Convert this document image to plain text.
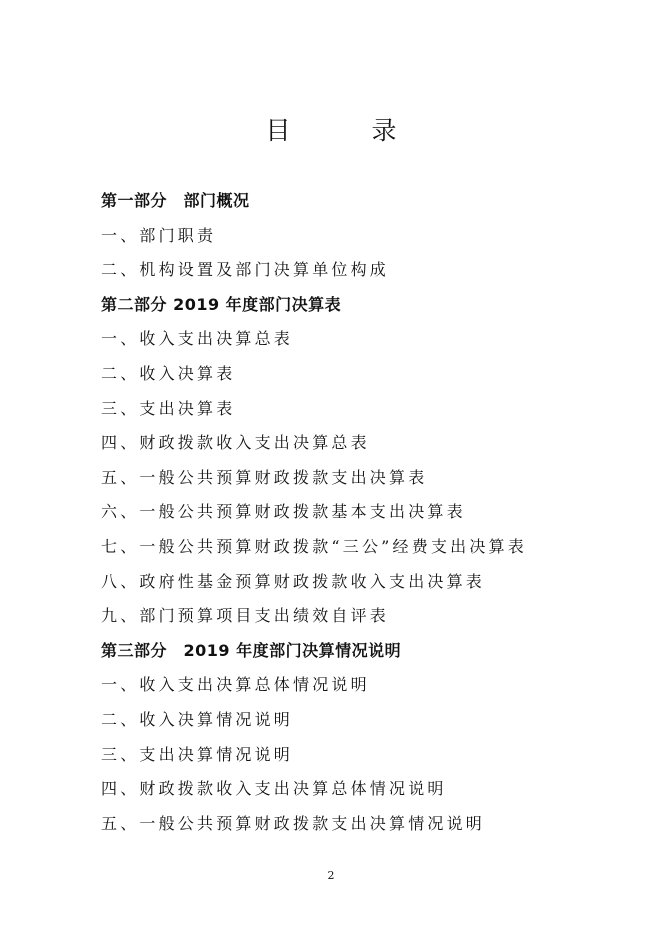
目　录
第一部分　部门概况
一、部门职责
二、机构设置及部门决算单位构成
第二部分 2019 年度部门决算表
一、收入支出决算总表
二、收入决算表
三、支出决算表
四、财政拨款收入支出决算总表
五、一般公共预算财政拨款支出决算表
六、一般公共预算财政拨款基本支出决算表
七、一般公共预算财政拨款“三公”经费支出决算表
八、政府性基金预算财政拨款收入支出决算表
九、部门预算项目支出绩效自评表
第三部分　2019 年度部门决算情况说明
一、收入支出决算总体情况说明
二、收入决算情况说明
三、支出决算情况说明
四、财政拨款收入支出决算总体情况说明
五、一般公共预算财政拨款支出决算情况说明
2
